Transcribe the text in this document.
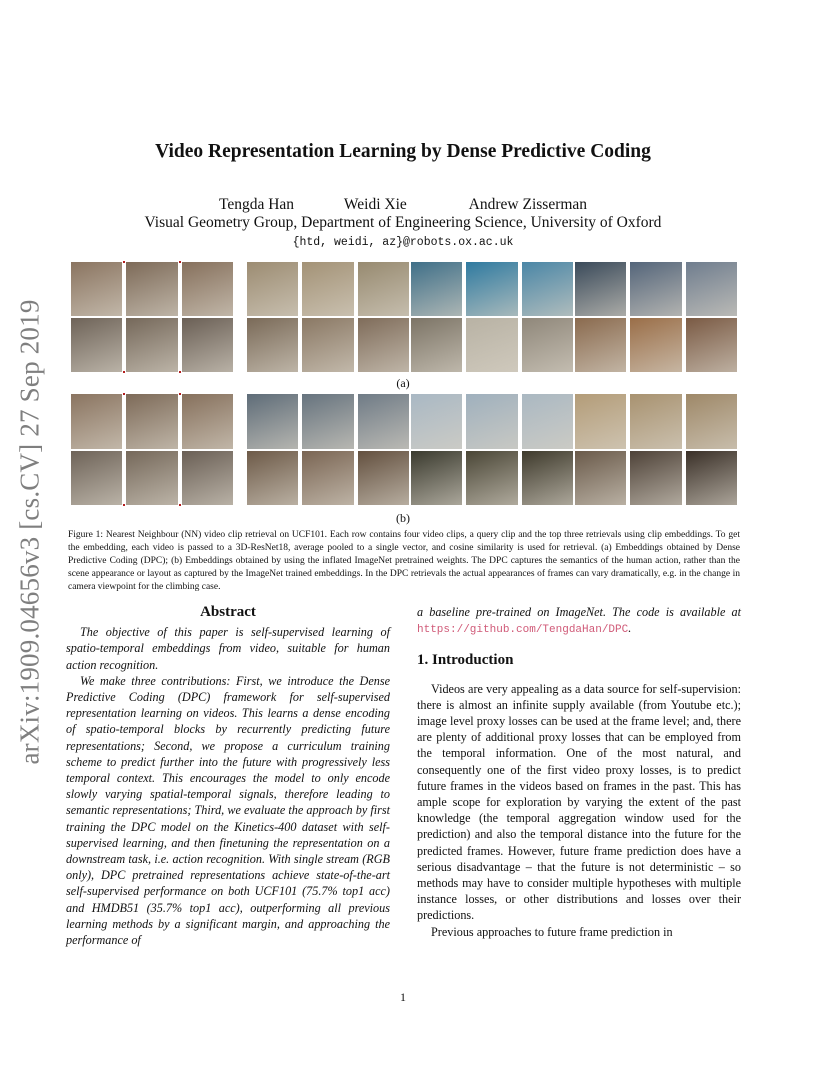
arXiv:1909.04656v3 [cs.CV] 27 Sep 2019
Video Representation Learning by Dense Predictive Coding
Tengda Han	Weidi Xie	Andrew Zisserman
Visual Geometry Group, Department of Engineering Science, University of Oxford
{htd, weidi, az}@robots.ox.ac.uk
(a)
(b)
Figure 1: Nearest Neighbour (NN) video clip retrieval on UCF101. Each row contains four video clips, a query clip and the top three retrievals using clip embeddings. To get the embedding, each video is passed to a 3D-ResNet18, average pooled to a single vector, and cosine similarity is used for retrieval. (a) Embeddings obtained by Dense Predictive Coding (DPC); (b) Embeddings obtained by using the inflated ImageNet pretrained weights. The DPC captures the semantics of the human action, rather than the scene appearance or layout as captured by the ImageNet trained embeddings. In the DPC retrievals the actual appearances of frames can vary dramatically, e.g. in the change in camera viewpoint for the climbing case.
Abstract

The objective of this paper is self-supervised learning of spatio-temporal embeddings from video, suitable for human action recognition.

We make three contributions: First, we introduce the Dense Predictive Coding (DPC) framework for self-supervised representation learning on videos. This learns a dense encoding of spatio-temporal blocks by recurrently predicting future representations; Second, we propose a curriculum training scheme to predict further into the future with progressively less temporal context. This encourages the model to only encode slowly varying spatial-temporal signals, therefore leading to semantic representations; Third, we evaluate the approach by first training the DPC model on the Kinetics-400 dataset with self-supervised learning, and then finetuning the representation on a downstream task, i.e. action recognition. With single stream (RGB only), DPC pretrained representations achieve state-of-the-art self-supervised performance on both UCF101 (75.7% top1 acc) and HMDB51 (35.7% top1 acc), outperforming all previous learning methods by a significant margin, and approaching the performance of

a baseline pre-trained on ImageNet. The code is available at https://github.com/TengdaHan/DPC.

1. Introduction

Videos are very appealing as a data source for self-supervision: there is almost an infinite supply available (from Youtube etc.); image level proxy losses can be used at the frame level; and, there are plenty of additional proxy losses that can be employed from the temporal information. One of the most natural, and consequently one of the first video proxy losses, is to predict future frames in the videos based on frames in the past. This has ample scope for exploration by varying the extent of the past knowledge (the temporal aggregation window used for the prediction) and also the temporal distance into the future for the predicted frames. However, future frame prediction does have a serious disadvantage – that the future is not deterministic – so methods may have to consider multiple hypotheses with multiple instance losses, or other distributions and losses over their predictions.

Previous approaches to future frame prediction in

1
